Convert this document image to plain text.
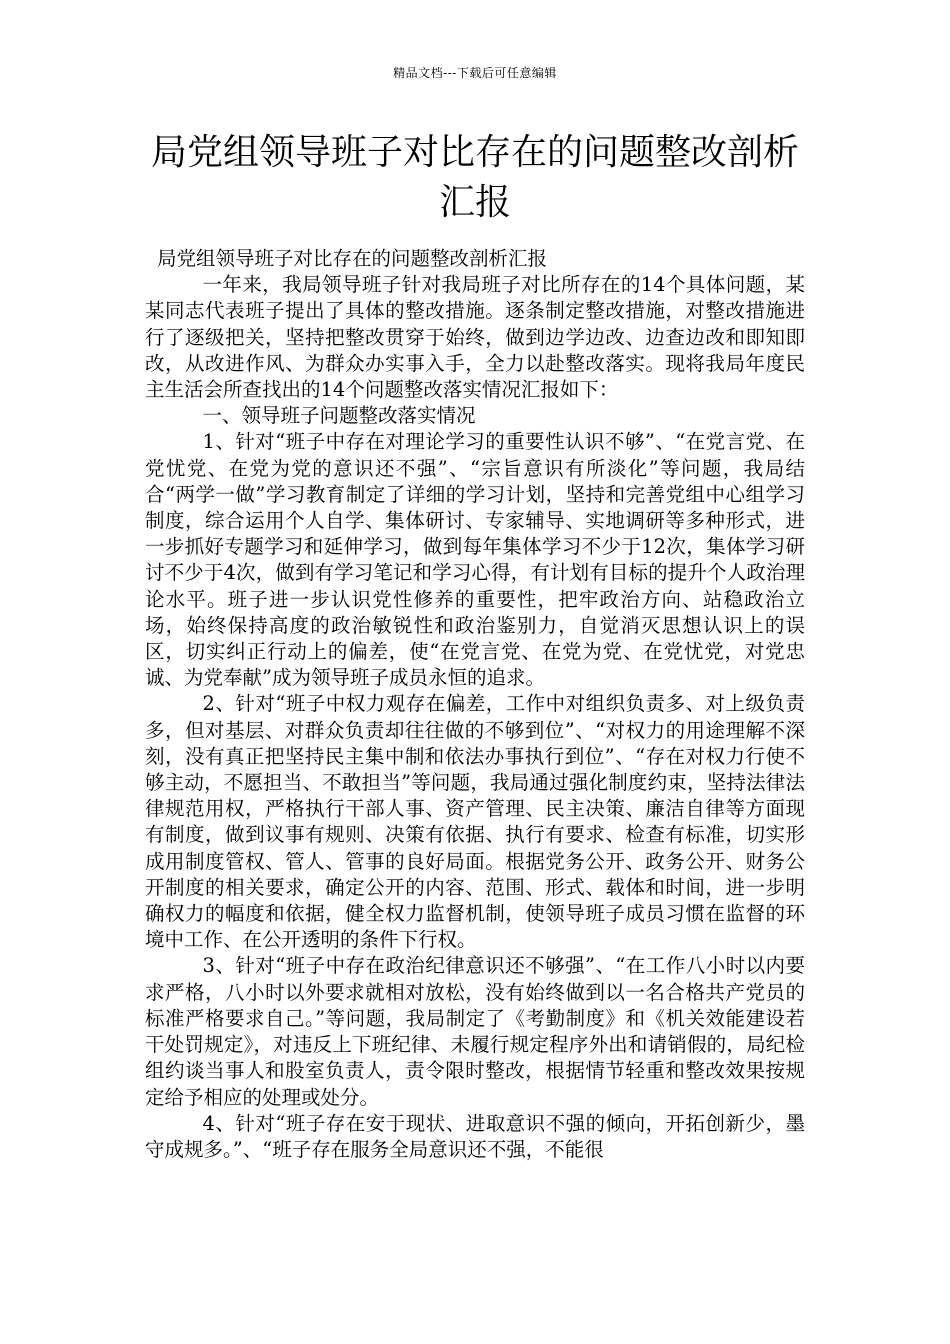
精品文档---下载后可任意编辑
局党组领导班子对比存在的问题整改剖析汇报

局党组领导班子对比存在的问题整改剖析汇报

一年来，我局领导班子针对我局班子对比所存在的14个具体问题，某某同志代表班子提出了具体的整改措施。逐条制定整改措施，对整改措施进行了逐级把关，坚持把整改贯穿于始终，做到边学边改、边查边改和即知即改，从改进作风、为群众办实事入手，全力以赴整改落实。现将我局年度民主生活会所查找出的14个问题整改落实情况汇报如下：

一、领导班子问题整改落实情况

1、针对“班子中存在对理论学习的重要性认识不够”、“在党言党、在党忧党、在党为党的意识还不强”、“宗旨意识有所淡化”等问题，我局结合“两学一做”学习教育制定了详细的学习计划，坚持和完善党组中心组学习制度，综合运用个人自学、集体研讨、专家辅导、实地调研等多种形式，进一步抓好专题学习和延伸学习，做到每年集体学习不少于12次，集体学习研讨不少于4次，做到有学习笔记和学习心得，有计划有目标的提升个人政治理论水平。班子进一步认识党性修养的重要性，把牢政治方向、站稳政治立场，始终保持高度的政治敏锐性和政治鉴别力，自觉消灭思想认识上的误区，切实纠正行动上的偏差，使“在党言党、在党为党、在党忧党，对党忠诚、为党奉献”成为领导班子成员永恒的追求。

2、针对“班子中权力观存在偏差，工作中对组织负责多、对上级负责多，但对基层、对群众负责却往往做的不够到位”、“对权力的用途理解不深刻，没有真正把坚持民主集中制和依法办事执行到位”、“存在对权力行使不够主动，不愿担当、不敢担当”等问题，我局通过强化制度约束，坚持法律法律规范用权，严格执行干部人事、资产管理、民主决策、廉洁自律等方面现有制度，做到议事有规则、决策有依据、执行有要求、检查有标准，切实形成用制度管权、管人、管事的良好局面。根据党务公开、政务公开、财务公开制度的相关要求，确定公开的内容、范围、形式、载体和时间，进一步明确权力的幅度和依据，健全权力监督机制，使领导班子成员习惯在监督的环境中工作、在公开透明的条件下行权。

3、针对“班子中存在政治纪律意识还不够强”、“在工作八小时以内要求严格，八小时以外要求就相对放松，没有始终做到以一名合格共产党员的标准严格要求自己。”等问题，我局制定了《考勤制度》和《机关效能建设若干处罚规定》，对违反上下班纪律、未履行规定程序外出和请销假的，局纪检组约谈当事人和股室负责人，责令限时整改，根据情节轻重和整改效果按规定给予相应的处理或处分。

4、针对“班子存在安于现状、进取意识不强的倾向，开拓创新少，墨守成规多。”、“班子存在服务全局意识还不强，不能很
